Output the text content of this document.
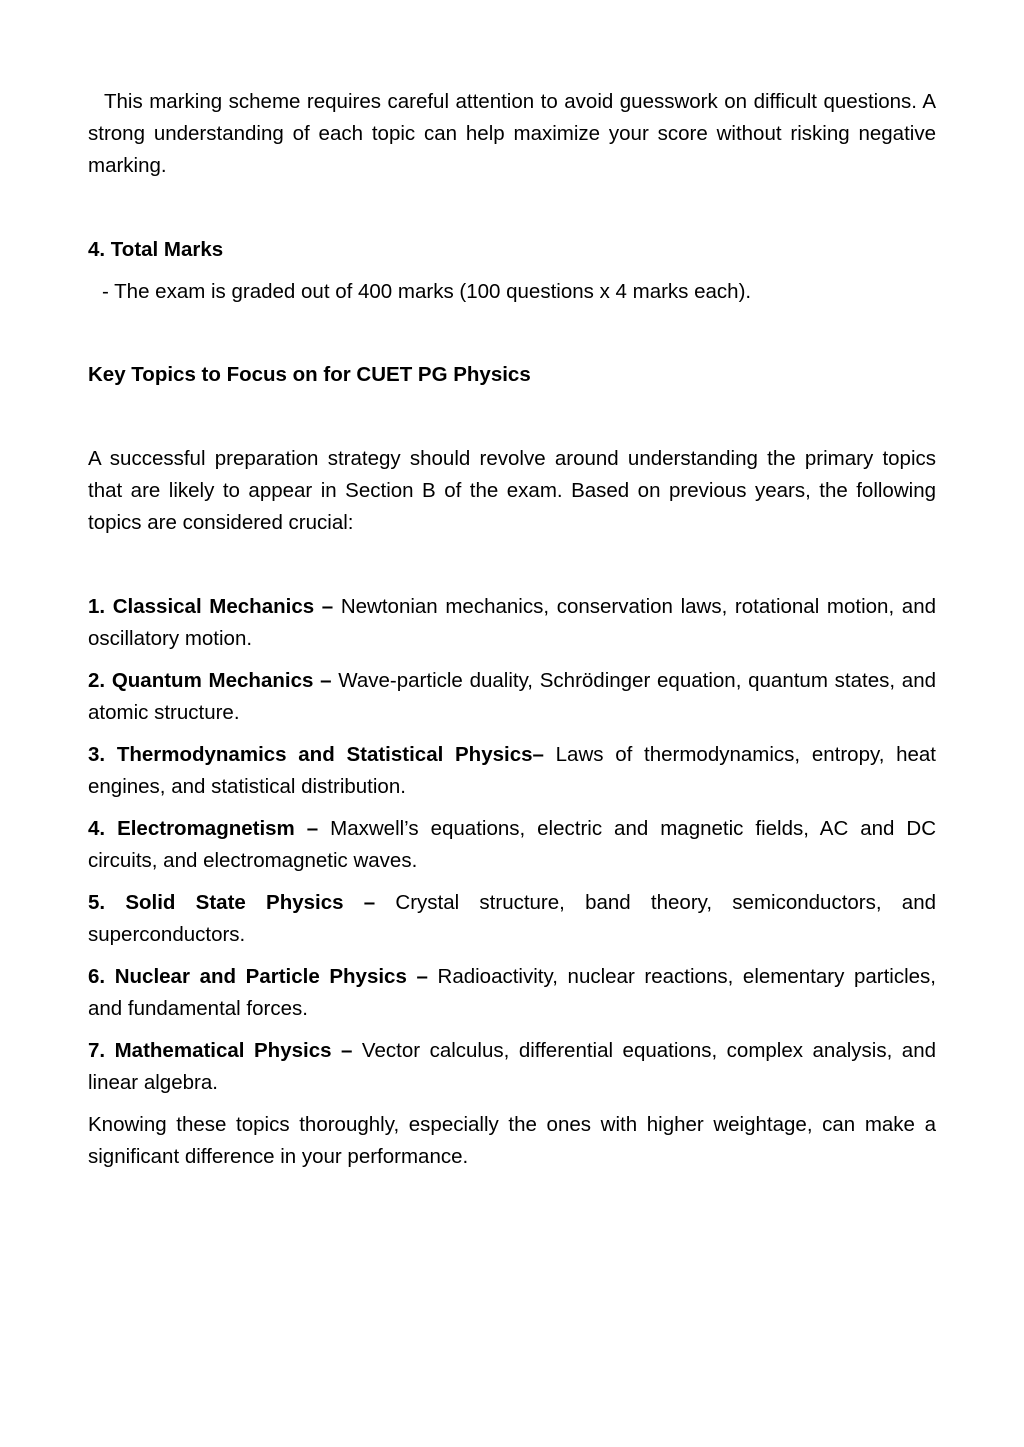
This marking scheme requires careful attention to avoid guesswork on difficult questions. A strong understanding of each topic can help maximize your score without risking negative marking.

4. Total Marks

- The exam is graded out of 400 marks (100 questions x 4 marks each).

Key Topics to Focus on for CUET PG Physics

A successful preparation strategy should revolve around understanding the primary topics that are likely to appear in Section B of the exam. Based on previous years, the following topics are considered crucial:

1. Classical Mechanics – Newtonian mechanics, conservation laws, rotational motion, and oscillatory motion.

2. Quantum Mechanics – Wave-particle duality, Schrödinger equation, quantum states, and atomic structure.

3. Thermodynamics and Statistical Physics– Laws of thermodynamics, entropy, heat engines, and statistical distribution.

4. Electromagnetism – Maxwell’s equations, electric and magnetic fields, AC and DC circuits, and electromagnetic waves.

5. Solid State Physics – Crystal structure, band theory, semiconductors, and superconductors.

6. Nuclear and Particle Physics – Radioactivity, nuclear reactions, elementary particles, and fundamental forces.

7. Mathematical Physics – Vector calculus, differential equations, complex analysis, and linear algebra.

Knowing these topics thoroughly, especially the ones with higher weightage, can make a significant difference in your performance.
